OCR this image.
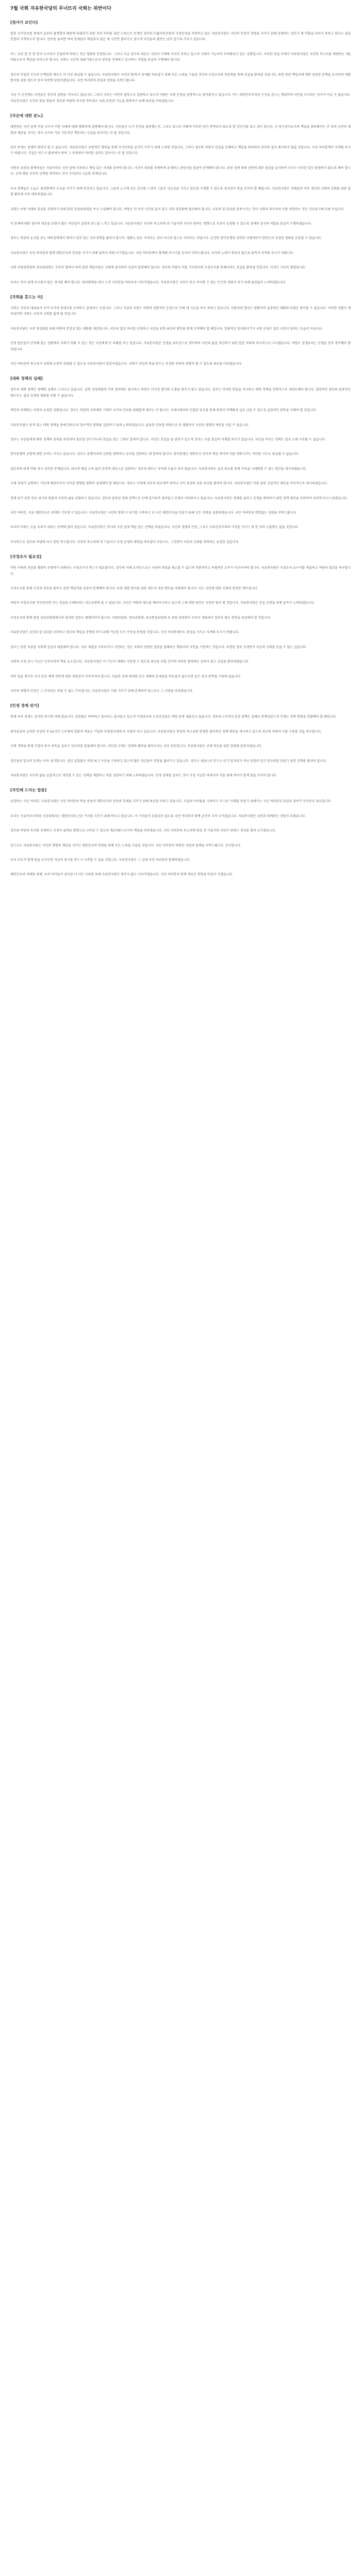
7월 국회 자유한국당의 무너뜨리 국회는 위반이다
[청서가 보인다]

현충 국가안보를 통해서 울음의 불명확성 때문에 위협하기 위한 것의 의미를 위한 노력으로 문재인 정부와 더불어민주당의 국정운영을 비판하고 있는 자유한국당은 국민의 안전과 생명을 지키기 위해 존재하는 정부가 제 역할을 다하지 못하고 있다는 점을 분명히 지적하고자 합니다. 안보를 둘러싼 여러 문제들이 해결되지 않은 채 시간만 흘러가고 있으며 국민들의 불안은 날이 갈수록 커지고 있습니다.

어느 국민 한 분 한 분이 누구보다 간절하게 바라는 것은 평화와 안정입니다. 그러나 지금 정부의 대응은 국민의 기대에 미치지 못하고 있으며 국회의 기능마저 무력화되고 있는 상황입니다. 이러한 현실 속에서 자유한국당은 국민의 목소리를 대변하는 제1야당으로서 책임을 다하고자 합니다. 국회는 국민의 대표기관으로서 정부를 견제하고 감시하는 역할을 충실히 수행해야 합니다.

정부의 안일한 인식과 무책임한 대응은 더 이상 용납될 수 없습니다. 자유한국당은 국민과 함께 이 문제를 바로잡기 위해 모든 노력을 기울일 것이며 국정조사와 청문회를 통해 진실을 밝혀낼 것입니다. 또한 관련 책임자에 대한 엄중한 문책을 요구하며 재발 방지를 위한 제도적 장치 마련에 앞장서겠습니다. 국민 여러분의 관심과 성원을 부탁드립니다.

지금 이 순간에도 국민들은 정부의 설명을 기다리고 있습니다. 그러나 정부는 여전히 침묵으로 일관하고 있으며 여당은 국회 운영을 일방적으로 밀어붙이고 있습니다. 이는 의회민주주의의 근간을 흔드는 행위이며 국민을 무시하는 처사가 아닐 수 없습니다. 자유한국당은 국민의 뜻을 받들어 정부와 여당의 독주를 막아내고 국회 본연의 기능을 회복하기 위해 최선을 다하겠습니다.

[국군에 대한 분노]

대통령은 국민 앞에 직접 나서서 이번 사태에 대해 명확하게 설명해야 합니다. 국민들은 누가 무엇을 잘못했는지, 그리고 앞으로 어떻게 이러한 일이 반복되지 않도록 할 것인지를 알고 싶어 합니다. 군 통수권자로서의 책임을 회피해서는 안 되며 국민의 생명과 재산을 지키는 것이 국가의 가장 기본적인 책무라는 사실을 잊어서는 안 될 것입니다.

안보 문제는 정쟁의 대상이 될 수 없습니다. 자유한국당은 초당적인 협력을 통해 국가안보를 굳건히 지키기 위해 노력할 것입니다. 그러나 정부와 여당이 진실을 은폐하고 책임을 회피하려 한다면 결코 좌시하지 않을 것입니다. 국민 여러분께서 지켜봐 주시기 바랍니다. 진실은 반드시 밝혀져야 하며 그 과정에서 어떠한 성역도 있어서는 안 될 것입니다.

국방부 장관과 관계자들은 지금이라도 국민 앞에 사과하고 책임 있는 자세를 보여야 합니다. 사건의 경위를 투명하게 공개하고 관련자를 엄중히 문책해야 합니다. 또한 경계 태세 전반에 대한 점검을 실시하여 다시는 이러한 일이 발생하지 않도록 해야 합니다. 군에 대한 국민의 신뢰를 회복하는 것이 무엇보다 시급한 과제입니다.

우리 장병들은 오늘도 최전방에서 조국을 지키기 위해 헌신하고 있습니다. 그들의 노고에 깊은 감사를 드리며 그들이 자긍심을 가지고 임무를 수행할 수 있도록 정치권이 힘을 모아야 할 때입니다. 자유한국당은 장병들의 처우 개선과 국방력 강화를 위한 입법 활동에 더욱 매진하겠습니다.

국회는 이번 사태의 진상을 규명하기 위해 관련 상임위원회를 즉시 소집해야 합니다. 여당은 더 이상 시간을 끌지 말고 국회 정상화에 협조해야 합니다. 국민의 알 권리를 충족시키는 것이 국회의 의무이며 이를 외면하는 것은 직무유기에 다름 아닙니다.

이 문제에 대한 정부의 대응을 보면서 많은 국민들이 실망과 분노를 느끼고 있습니다. 자유한국당은 국민의 목소리에 귀 기울이며 국민이 원하는 방향으로 국정이 운영될 수 있도록 견제와 감시의 역할을 충실히 수행하겠습니다.

정부는 북한의 눈치를 보는 대북정책에서 벗어나 원칙 있는 안보정책을 펼쳐야 합니다. 평화는 말로 지켜지는 것이 아니라 힘으로 지켜지는 것입니다. 굳건한 한미동맹과 강력한 국방력만이 한반도의 진정한 평화를 보장할 수 있습니다.

자유한국당은 국민 여러분과 함께 대한민국의 안보를 지키기 위해 끝까지 싸워 나가겠습니다. 국민 여러분께서 함께해 주시기를 간곡히 부탁드립니다. 우리의 노력이 헛되지 않도록 끝까지 지켜봐 주시기 바랍니다.

국회 국방위원회와 정보위원회는 조속히 열려야 하며 관련 책임자들은 국회에 출석하여 성실히 답변해야 합니다. 정부와 여당이 이를 거부한다면 국정조사를 통해서라도 진실을 밝혀낼 것입니다. 이것은 국민의 명령입니다.

우리는 역사 앞에 부끄럽지 않은 정치를 해야 합니다. 당리당략을 떠나 오직 국민만을 바라보며 나아가겠습니다. 자유한국당은 국민이 믿고 의지할 수 있는 든든한 정당이 되기 위해 끊임없이 노력하겠습니다.

[국회를 흔드는 자]

국회는 국민의 대표들이 모여 국가의 중대사를 논의하고 결정하는 곳입니다. 그러나 지금의 국회는 여당의 일방적인 운영으로 인해 제 기능을 하지 못하고 있습니다. 야당과의 협치는 말뿐이며 실질적인 대화와 타협은 찾아볼 수 없습니다. 이러한 상황이 계속된다면 국회는 국민의 신뢰를 잃게 될 것입니다.

자유한국당은 국회 정상화를 위해 여당에 진정성 있는 대화를 제안합니다. 서로의 입장 차이를 인정하고 국민을 위한 최선의 방안을 함께 모색해야 할 때입니다. 일방적인 밀어붙이기식 국회 운영은 결코 국민이 원하는 모습이 아닙니다.

민생 법안들이 산적해 있는 상황에서 국회가 멈춰 서 있는 것은 국민에게 큰 피해를 주는 일입니다. 자유한국당은 민생을 최우선으로 생각하며 국민의 삶을 개선하기 위한 법안 처리에 적극적으로 나서겠습니다. 여당도 정쟁보다는 민생을 먼저 생각해야 할 것입니다.

국민 여러분의 목소리가 국회에 온전히 전달될 수 있도록 자유한국당이 앞장서겠습니다. 국회가 국민의 뜻을 받드는 진정한 민의의 전당이 될 수 있도록 최선을 다하겠습니다.

[대북 정책의 실패]

정부의 대북 정책은 명백한 실패로 드러나고 있습니다. 남북 정상회담과 각종 합의에도 불구하고 북한은 미사일 발사와 도발을 멈추지 않고 있습니다. 정부는 이러한 현실을 직시하고 대북 정책을 전면적으로 재검토해야 합니다. 일방적인 양보와 굴종적인 태도로는 결코 진정한 평화를 이룰 수 없습니다.

북한의 비핵화는 여전히 요원한 상황입니다. 정부는 북한의 선의에만 기대어 국가의 안보를 위태롭게 해서는 안 됩니다. 국제사회와의 긴밀한 공조를 통해 북한이 비핵화의 길로 나올 수 있도록 실질적인 압박을 가해야 할 것입니다.

자유한국당은 원칙 있는 대북 정책을 통해 한반도의 항구적인 평화를 실현하기 위해 노력하겠습니다. 튼튼한 안보를 바탕으로 한 평화만이 국민의 생명과 재산을 지킬 수 있습니다.

정부는 국민들에게 대북 정책의 성과를 과장하여 홍보할 것이 아니라 현실을 있는 그대로 알려야 합니다. 국민은 진실을 알 권리가 있으며 정부는 이를 충실히 이행할 의무가 있습니다. 국민을 속이는 정책은 결코 오래 지속될 수 없습니다.

한미동맹의 균열에 대한 우려도 커지고 있습니다. 정부는 동맹국과의 신뢰를 회복하고 공조를 강화하는 데 힘써야 합니다. 한미동맹은 대한민국 안보의 핵심 축이며 이를 약화시키는 어떠한 시도도 용납될 수 없습니다.

일본과의 관계 악화 역시 심각한 문제입니다. 외교적 해결 노력 없이 감정적 대응으로 일관하는 정부의 태도는 국익에 도움이 되지 않습니다. 자유한국당은 실리 외교를 통해 국익을 극대화할 수 있는 방안을 제시하겠습니다.

국제 정세가 급변하는 가운데 대한민국이 나아갈 방향을 명확히 설정해야 할 때입니다. 정부는 이념에 치우친 외교에서 벗어나 국익 중심의 실용 외교를 펼쳐야 합니다. 자유한국당은 이를 위한 건설적인 대안을 지속적으로 제시하겠습니다.

경제 위기 또한 안보 위기와 맞물려 국민의 삶을 위협하고 있습니다. 정부의 잘못된 경제 정책으로 인해 일자리가 줄어들고 민생이 어려워지고 있습니다. 자유한국당은 경제를 살리고 민생을 회복하기 위한 정책 대안을 마련하여 국민께 보고드리겠습니다.

국민 여러분, 지금 대한민국은 중대한 기로에 서 있습니다. 자유한국당은 국민과 함께 이 위기를 극복하고 더 나은 대한민국을 만들기 위해 모든 역량을 집중하겠습니다. 국민 여러분의 변함없는 성원을 부탁드립니다.

우리의 미래는 오늘 우리가 내리는 선택에 달려 있습니다. 자유한국당은 역사와 국민 앞에 책임 있는 선택을 하겠습니다. 국민의 생명과 안전, 그리고 자유민주주의의 가치를 지키는 데 한 치의 소홀함도 없을 것입니다.

마지막으로 정부와 여당에 다시 한번 촉구합니다. 국민의 목소리에 귀 기울이고 국정 운영의 방향을 바로잡아 주십시오. 그것만이 국민의 신뢰를 회복하는 유일한 길입니다.

[국정조사 필요성]

이번 사태의 진상을 명확히 규명하기 위해서는 국정조사가 반드시 필요합니다. 정부의 자체 조사만으로는 국민의 의혹을 해소할 수 없으며 객관적이고 독립적인 조사가 이루어져야 합니다. 자유한국당은 국정조사 요구서를 제출하고 여당의 협조를 촉구합니다.

국정조사를 통해 사건의 전모를 밝히고 관련 책임자를 엄중히 문책해야 합니다. 또한 재발 방지를 위한 제도적 개선 방안을 마련해야 합니다. 이는 국민에 대한 국회의 당연한 책무입니다.

여당이 국정조사를 거부한다면 이는 진실을 은폐하려는 의도로밖에 볼 수 없습니다. 국민은 여당의 태도를 예의주시하고 있으며 그에 대한 판단은 국민의 몫이 될 것입니다. 자유한국당은 진실 규명을 위해 끝까지 노력하겠습니다.

국정조사와 함께 관련 상임위원회에서의 철저한 검증도 병행되어야 합니다. 국방위원회, 정보위원회, 외교통일위원회 등 관련 위원회가 조속히 개최되어 정부의 대응 전반을 점검해야 할 것입니다.

자유한국당은 국민의 알 권리를 보장하고 정부의 책임을 분명히 하기 위해 가능한 모든 수단을 동원할 것입니다. 국민 여러분께서도 관심을 가지고 지켜봐 주시기 바랍니다.

정부는 관련 자료를 국회에 성실히 제출해야 합니다. 자료 제출을 거부하거나 지연하는 것은 국회의 정당한 권한을 침해하는 행위이며 국민을 기만하는 것입니다. 투명한 정보 공개만이 국민의 신뢰를 얻을 수 있는 길입니다.

국회의 국정 감시 기능은 민주주의의 핵심 요소입니다. 자유한국당은 이 기능이 제대로 작동할 수 있도록 최선을 다할 것이며 어떠한 압력에도 굴하지 않고 진실을 밝혀내겠습니다.

이번 일을 계기로 국가 안보 체계 전반에 대한 재점검이 이루어져야 합니다. 허술한 경계 태세와 보고 체계의 문제점을 바로잡지 않는다면 같은 일이 반복될 수밖에 없습니다.

국민의 생명과 안전은 그 무엇과도 바꿀 수 없는 가치입니다. 자유한국당은 이를 지키기 위해 존재하며 앞으로도 그 사명을 다하겠습니다.

[민생 경제 위기]

현재 우리 경제는 심각한 위기에 처해 있습니다. 성장률은 하락하고 일자리는 줄어들고 있으며 자영업자와 소상공인들은 벼랑 끝에 내몰리고 있습니다. 정부의 소득주도성장 정책은 실패로 판명되었으며 이제는 정책 방향을 전환해야 할 때입니다.

최저임금의 급격한 인상과 주 52시간 근무제의 일률적 적용은 기업과 자영업자에게 큰 부담이 되고 있습니다. 자유한국당은 현장의 목소리를 반영한 합리적인 정책 대안을 제시하고 있으며 정부와 여당이 이를 수용할 것을 촉구합니다.

규제 개혁을 통해 기업의 투자 의욕을 살리고 일자리를 창출해야 합니다. 과도한 규제는 경제의 활력을 떨어뜨리는 주요 원인입니다. 자유한국당은 규제 혁신을 위한 입법에 앞장서겠습니다.

청년들의 일자리 문제는 더욱 심각합니다. 청년 실업률은 역대 최고 수준을 기록하고 있으며 많은 청년들이 희망을 잃어가고 있습니다. 정부는 세금으로 만드는 단기 일자리가 아닌 양질의 민간 일자리를 만들기 위한 정책을 펼쳐야 합니다.

자유한국당은 국민의 삶을 실질적으로 개선할 수 있는 정책을 개발하고 이를 실현하기 위해 노력하겠습니다. 민생 경제를 살리는 것이 가장 시급한 과제이며 이를 위해 여야가 함께 힘을 모아야 합니다.

[국민께 드리는 말씀]

존경하는 국민 여러분, 자유한국당은 국민 여러분의 뜻을 받들어 대한민국의 안보와 경제를 지키기 위해 최선을 다하고 있습니다. 지금의 어려움을 극복하고 더 나은 미래를 만들기 위해서는 국민 여러분의 관심과 참여가 무엇보다 중요합니다.

우리는 자유민주주의와 시장경제라는 대한민국의 근본 가치를 지키기 위해 싸우고 있습니다. 이 가치들이 흔들리지 않도록 국민 여러분과 함께 굳건히 지켜 나가겠습니다. 자유한국당은 국민과 함께하는 정당이 되겠습니다.

정부와 여당의 독주를 견제하고 국정이 올바른 방향으로 나아갈 수 있도록 제1야당으로서의 책임을 다하겠습니다. 국민 여러분의 목소리에 항상 귀 기울이며 국민이 원하는 정치를 펼쳐 나가겠습니다.

앞으로도 자유한국당은 국민의 생명과 재산을 지키고 대한민국의 번영을 위해 모든 노력을 기울일 것입니다. 국민 여러분의 따뜻한 성원과 질책을 부탁드립니다. 감사합니다.

우리 모두가 함께 힘을 모은다면 지금의 위기를 반드시 극복할 수 있을 것입니다. 자유한국당은 그 길에 국민 여러분과 함께하겠습니다.

대한민국의 미래를 위해, 우리 아이들이 살아갈 더 나은 나라를 위해 자유한국당은 멈추지 않고 나아가겠습니다. 국민 여러분과 함께 새로운 희망을 만들어 가겠습니다.
